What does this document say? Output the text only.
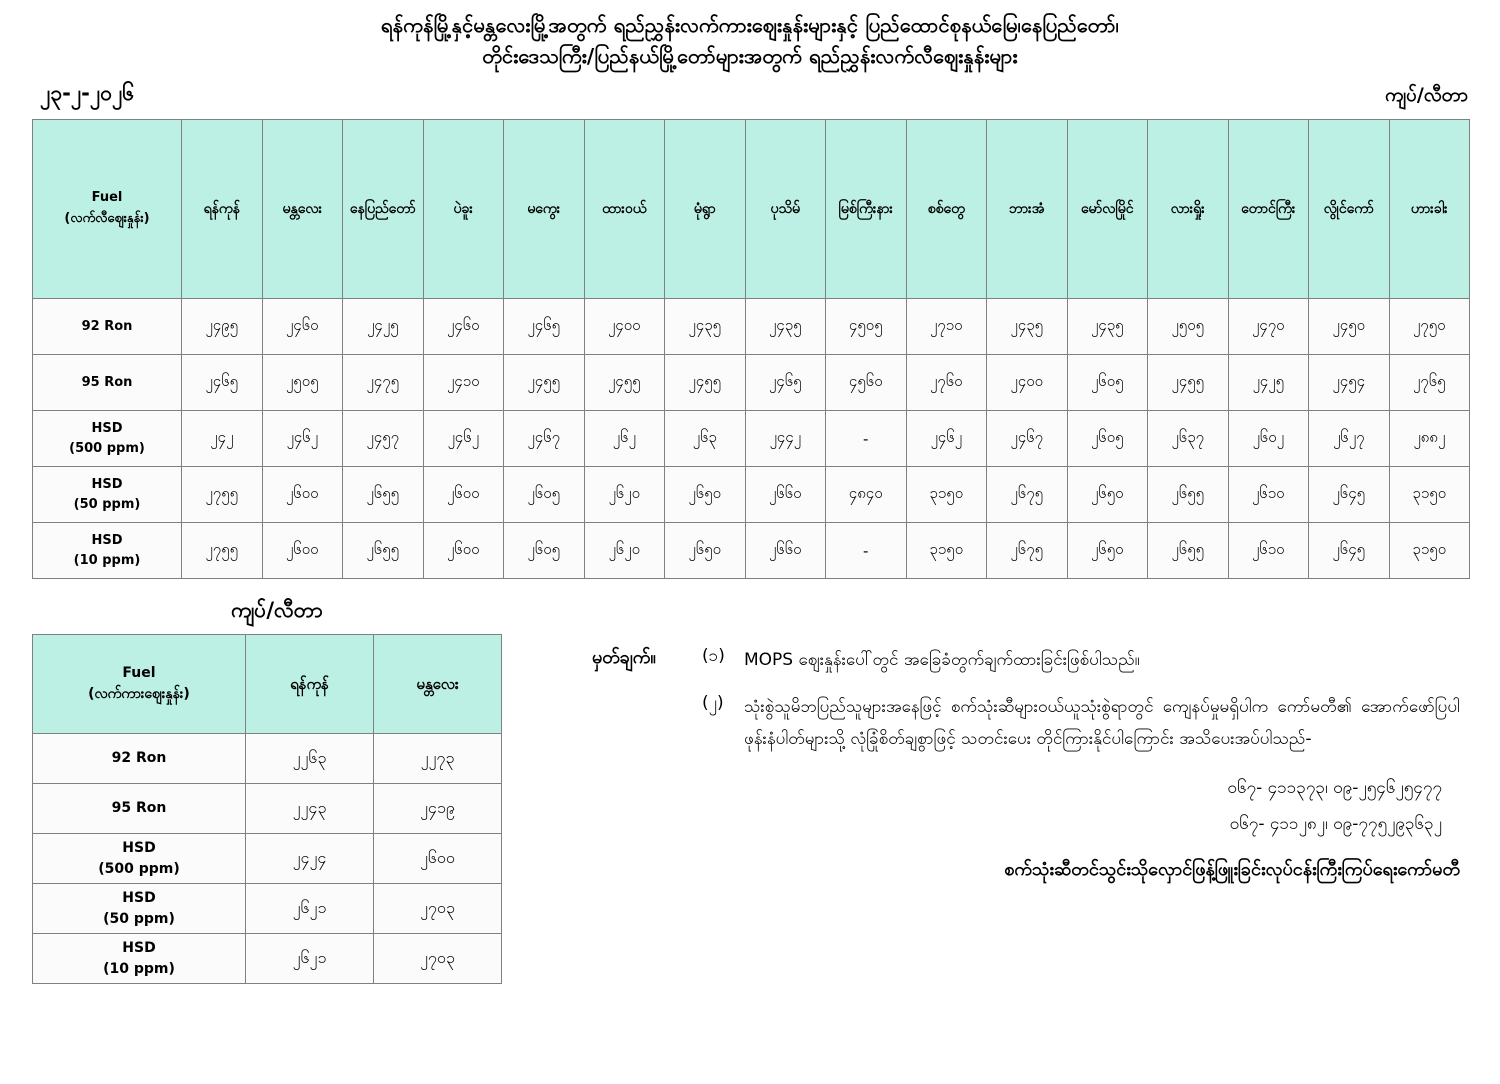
ရန်ကုန်မြို့နှင့်မန္တလေးမြို့အတွက် ရည်ညွှန်းလက်ကားဈေးနှုန်းများနှင့် ပြည်ထောင်စုနယ်မြေ၊နေပြည်တော်၊
တိုင်းဒေသကြီး/ပြည်နယ်မြို့တော်များအတွက် ရည်ညွှန်းလက်လီဈေးနှုန်းများ
၂၃-၂-၂၀၂၆	ကျပ်/လီတာ
Fuel
(လက်လီဈေးနှုန်း)	ရန်ကုန်	မန္တလေး	နေပြည်တော်	ပဲခူး	မကွေး	ထားဝယ်	မုံရွာ	ပုသိမ်	မြစ်ကြီးနား	စစ်တွေ	ဘားအံ	မော်လမြိုင်	လားရှိုး	တောင်ကြီး	လွိုင်ကော်	ဟားခါး
92 Ron	၂၄၉၅	၂၄၆၀	၂၄၂၅	၂၄၆၀	၂၄၆၅	၂၄၀၀	၂၄၃၅	၂၄၃၅	၄၅၀၅	၂၇၁၀	၂၄၃၅	၂၄၃၅	၂၅၀၅	၂၄၇၀	၂၄၅၀	၂၇၅၀
95 Ron	၂၄၆၅	၂၅၀၅	၂၄၇၅	၂၄၁၀	၂၄၅၅	၂၄၅၅	၂၄၅၅	၂၄၆၅	၄၅၆၀	၂၇၆၀	၂၄၀၀	၂၆၀၅	၂၄၅၅	၂၄၂၅	၂၄၅၄	၂၇၆၅
HSD
(500 ppm)	၂၄၂	၂၄၆၂	၂၄၅၇	၂၄၆၂	၂၄၆၇	၂၆၂	၂၆၃	၂၄၄၂	-	၂၄၆၂	၂၄၆၇	၂၆၀၅	၂၆၃၇	၂၆၀၂	၂၆၂၇	၂၈၈၂
HSD
(50 ppm)	၂၇၅၅	၂၆၀၀	၂၆၅၅	၂၆၀၀	၂၆၀၅	၂၆၂၀	၂၆၅၀	၂၆၆၀	၄၈၄၀	၃၁၅၀	၂၆၇၅	၂၆၅၀	၂၆၅၅	၂၆၁၀	၂၆၄၅	၃၁၅၀
HSD
(10 ppm)	၂၇၅၅	၂၆၀၀	၂၆၅၅	၂၆၀၀	၂၆၀၅	၂၆၂၀	၂၆၅၀	၂၆၆၀	-	၃၁၅၀	၂၆၇၅	၂၆၅၀	၂၆၅၅	၂၆၁၀	၂၆၄၅	၃၁၅၀
ကျပ်/လီတာ
Fuel
(လက်ကားဈေးနှုန်း)	ရန်ကုန်	မန္တလေး
92 Ron	၂၂၆၃	၂၂၇၃
95 Ron	၂၂၄၃	၂၄၁၉
HSD
(500 ppm)	၂၄၂၄	၂၆၀၀
HSD
(50 ppm)	၂၆၂၁	၂၇၀၃
HSD
(10 ppm)	၂၆၂၁	၂၇၀၃
မှတ်ချက်။	(၁)	MOPS ဈေးနှုန်းပေါ်တွင် အခြေခံတွက်ချက်ထားခြင်းဖြစ်ပါသည်။
(၂)	သုံးစွဲသူမိဘပြည်သူများအနေဖြင့် စက်သုံးဆီများဝယ်ယူသုံးစွဲရာတွင် ကျေနပ်မှုမရှိပါက ကော်မတီ၏ အောက်ဖော်ပြပါဖုန်းနံပါတ်များသို့ လုံခြုံစိတ်ချစွာဖြင့် သတင်းပေး တိုင်ကြားနိုင်ပါကြောင်း အသိပေးအပ်ပါသည်-
၀၆၇- ၄၁၁၃၇၃၊ ၀၉-၂၅၄၆၂၅၄၇၇
၀၆၇- ၄၁၁၂၈၂၊ ၀၉-၇၇၅၂၉၃၆၃၂
စက်သုံးဆီတင်သွင်းသိုလှောင်ဖြန့်ဖြူးခြင်းလုပ်ငန်းကြီးကြပ်ရေးကော်မတီ
